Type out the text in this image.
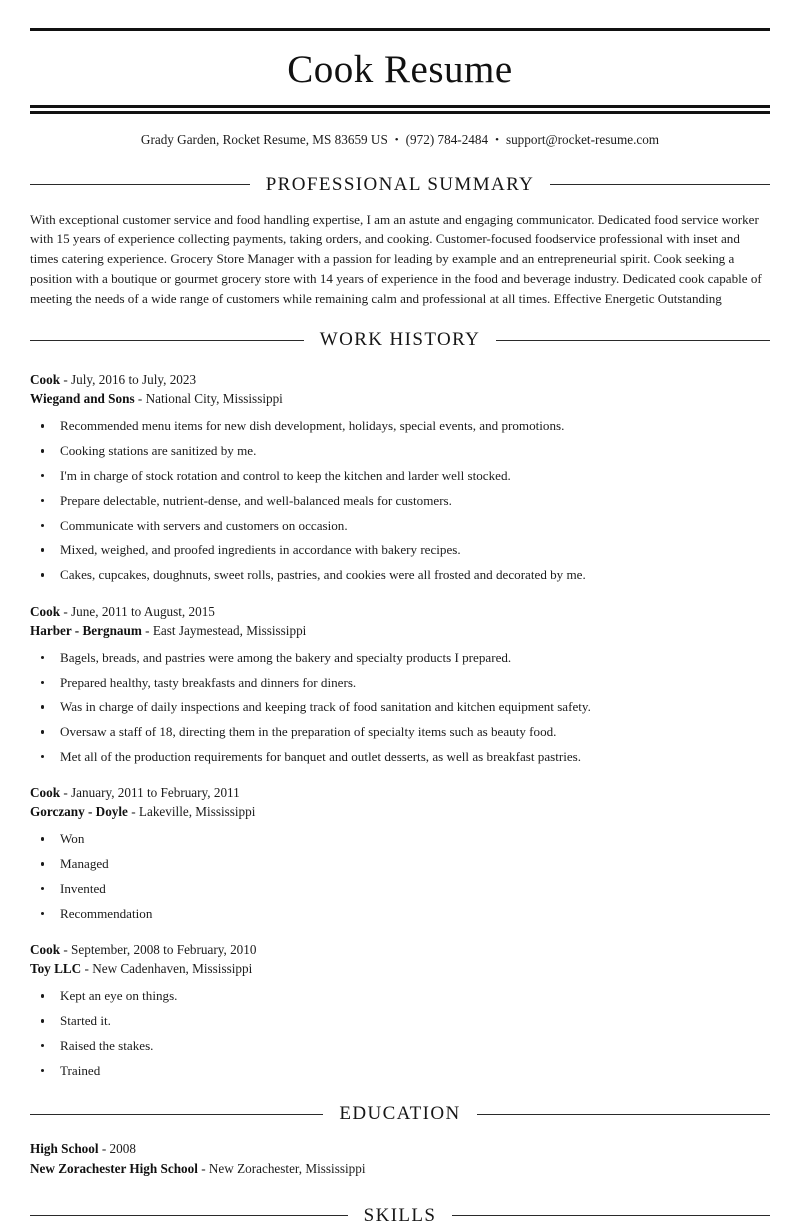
Cook Resume
Grady Garden, Rocket Resume, MS 83659 US • (972) 784-2484 • support@rocket-resume.com
PROFESSIONAL SUMMARY
With exceptional customer service and food handling expertise, I am an astute and engaging communicator. Dedicated food service worker with 15 years of experience collecting payments, taking orders, and cooking. Customer-focused foodservice professional with inset and times catering experience. Grocery Store Manager with a passion for leading by example and an entrepreneurial spirit. Cook seeking a position with a boutique or gourmet grocery store with 14 years of experience in the food and beverage industry. Dedicated cook capable of meeting the needs of a wide range of customers while remaining calm and professional at all times. Effective Energetic Outstanding
WORK HISTORY
Cook - July, 2016 to July, 2023
Wiegand and Sons - National City, Mississippi
Recommended menu items for new dish development, holidays, special events, and promotions.
Cooking stations are sanitized by me.
I'm in charge of stock rotation and control to keep the kitchen and larder well stocked.
Prepare delectable, nutrient-dense, and well-balanced meals for customers.
Communicate with servers and customers on occasion.
Mixed, weighed, and proofed ingredients in accordance with bakery recipes.
Cakes, cupcakes, doughnuts, sweet rolls, pastries, and cookies were all frosted and decorated by me.
Cook - June, 2011 to August, 2015
Harber - Bergnaum - East Jaymestead, Mississippi
Bagels, breads, and pastries were among the bakery and specialty products I prepared.
Prepared healthy, tasty breakfasts and dinners for diners.
Was in charge of daily inspections and keeping track of food sanitation and kitchen equipment safety.
Oversaw a staff of 18, directing them in the preparation of specialty items such as beauty food.
Met all of the production requirements for banquet and outlet desserts, as well as breakfast pastries.
Cook - January, 2011 to February, 2011
Gorczany - Doyle - Lakeville, Mississippi
Won
Managed
Invented
Recommendation
Cook - September, 2008 to February, 2010
Toy LLC - New Cadenhaven, Mississippi
Kept an eye on things.
Started it.
Raised the stakes.
Trained
EDUCATION
High School - 2008
New Zorachester High School - New Zorachester, Mississippi
SKILLS
